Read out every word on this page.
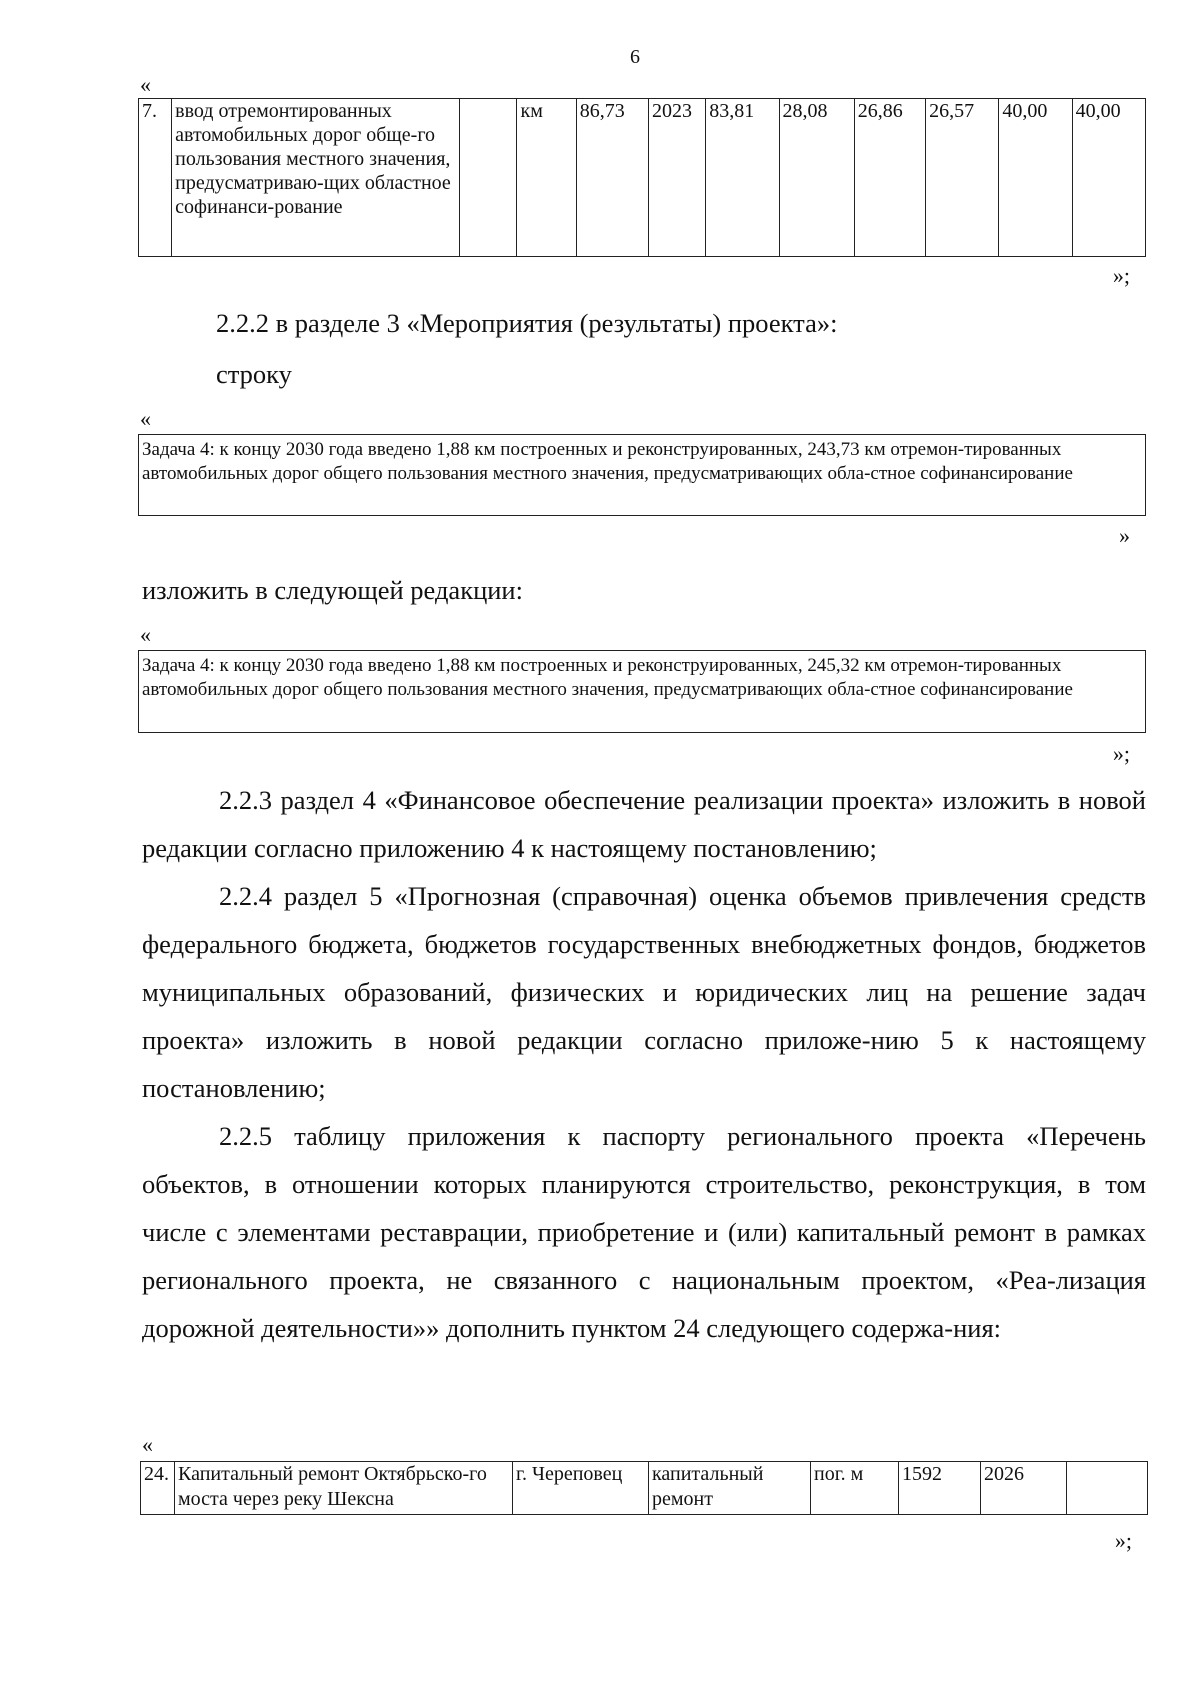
6
«
7.	ввод отремонтированных автомобильных дорог обще-го пользования местного значения, предусматриваю-щих областное софинанси-рование		км	86,73	2023	83,81	28,08	26,86	26,57	40,00	40,00
»;
2.2.2 в разделе 3 «Мероприятия (результаты) проекта»:
строку
«
Задача 4: к концу 2030 года введено 1,88 км построенных и реконструированных, 243,73 км отремон-тированных автомобильных дорог общего пользования местного значения, предусматривающих обла-стное софинансирование
»
изложить в следующей редакции:
«
Задача 4: к концу 2030 года введено 1,88 км построенных и реконструированных, 245,32 км отремон-тированных автомобильных дорог общего пользования местного значения, предусматривающих обла-стное софинансирование
»;

2.2.3 раздел 4 «Финансовое обеспечение реализации проекта» изложить в новой редакции согласно приложению 4 к настоящему постановлению;

2.2.4 раздел 5 «Прогнозная (справочная) оценка объемов привлечения средств федерального бюджета, бюджетов государственных внебюджетных фондов, бюджетов муниципальных образований, физических и юридических лиц на решение задач проекта» изложить в новой редакции согласно приложе-нию 5 к настоящему постановлению;

2.2.5 таблицу приложения к паспорту регионального проекта «Перечень объектов, в отношении которых планируются строительство, реконструкция, в том числе с элементами реставрации, приобретение и (или) капитальный ремонт в рамках регионального проекта, не связанного с национальным проектом, «Реа-лизация дорожной деятельности»» дополнить пунктом 24 следующего содержа-ния:

«
24.	Капитальный ремонт Октябрьско-го моста через реку Шексна	г. Череповец	капитальный ремонт	пог. м	1592	2026	
»;
